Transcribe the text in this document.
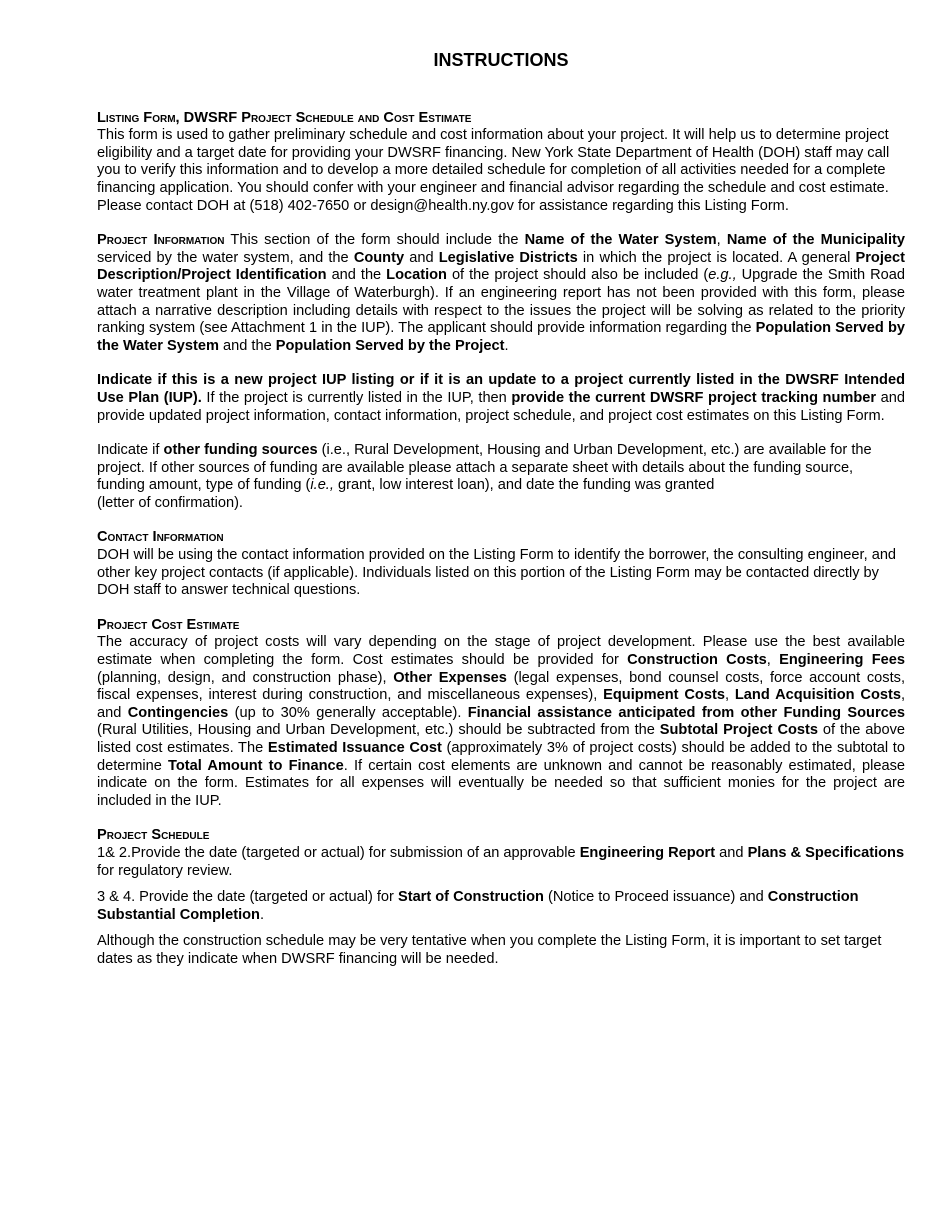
INSTRUCTIONS
Listing Form, DWSRF Project Schedule and Cost Estimate

This form is used to gather preliminary schedule and cost information about your project. It will help us to determine project eligibility and a target date for providing your DWSRF financing. New York State Department of Health (DOH) staff may call you to verify this information and to develop a more detailed schedule for completion of all activities needed for a complete financing application. You should confer with your engineer and financial advisor regarding the schedule and cost estimate. Please contact DOH at (518) 402-7650 or design@health.ny.gov for assistance regarding this Listing Form.

Project Information This section of the form should include the Name of the Water System, Name of the Municipality serviced by the water system, and the County and Legislative Districts in which the project is located. A general Project Description/Project Identification and the Location of the project should also be included (e.g., Upgrade the Smith Road water treatment plant in the Village of Waterburgh). If an engineering report has not been provided with this form, please attach a narrative description including details with respect to the issues the project will be solving as related to the priority ranking system (see Attachment 1 in the IUP). The applicant should provide information regarding the Population Served by the Water System and the Population Served by the Project.

Indicate if this is a new project IUP listing or if it is an update to a project currently listed in the DWSRF Intended Use Plan (IUP). If the project is currently listed in the IUP, then provide the current DWSRF project tracking number and provide updated project information, contact information, project schedule, and project cost estimates on this Listing Form.

Indicate if other funding sources (i.e., Rural Development, Housing and Urban Development, etc.) are available for the project. If other sources of funding are available please attach a separate sheet with details about the funding source, funding amount, type of funding (i.e., grant, low interest loan), and date the funding was granted
(letter of confirmation).

Contact Information

DOH will be using the contact information provided on the Listing Form to identify the borrower, the consulting engineer, and other key project contacts (if applicable). Individuals listed on this portion of the Listing Form may be contacted directly by DOH staff to answer technical questions.

Project Cost Estimate

The accuracy of project costs will vary depending on the stage of project development. Please use the best available estimate when completing the form. Cost estimates should be provided for Construction Costs, Engineering Fees (planning, design, and construction phase), Other Expenses (legal expenses, bond counsel costs, force account costs, fiscal expenses, interest during construction, and miscellaneous expenses), Equipment Costs, Land Acquisition Costs, and Contingencies (up to 30% generally acceptable). Financial assistance anticipated from other Funding Sources (Rural Utilities, Housing and Urban Development, etc.) should be subtracted from the Subtotal Project Costs of the above listed cost estimates. The Estimated Issuance Cost (approximately 3% of project costs) should be added to the subtotal to determine Total Amount to Finance. If certain cost elements are unknown and cannot be reasonably estimated, please indicate on the form. Estimates for all expenses will eventually be needed so that sufficient monies for the project are included in the IUP.

Project Schedule

1& 2.Provide the date (targeted or actual) for submission of an approvable Engineering Report and Plans & Specifications for regulatory review.

3 & 4. Provide the date (targeted or actual) for Start of Construction (Notice to Proceed issuance) and Construction Substantial Completion.

Although the construction schedule may be very tentative when you complete the Listing Form, it is important to set target dates as they indicate when DWSRF financing will be needed.
